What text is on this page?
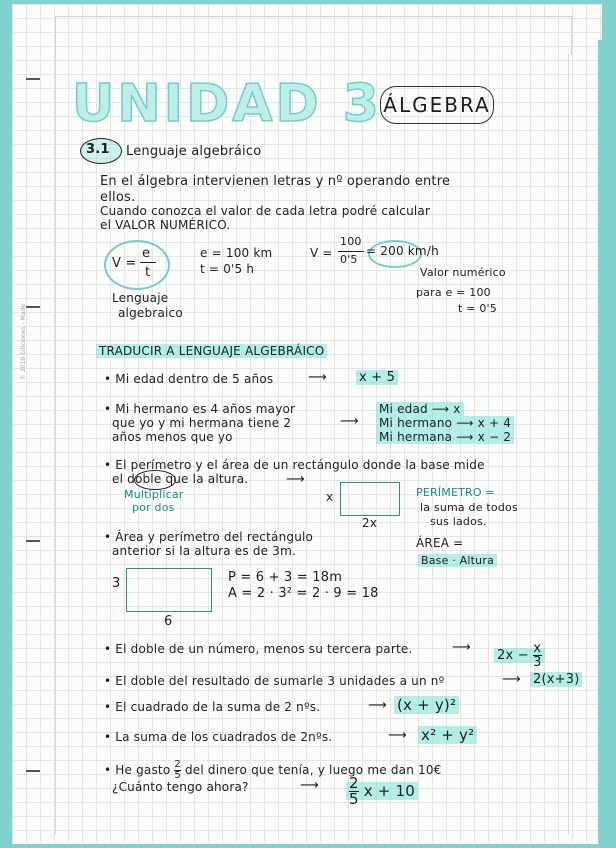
© 2019 Ediciones - Made
UNIDAD 3 ÁLGEBRA
3.1 Lenguaje algebráico
En el álgebra intervienen letras y nº operando entre
ellos.
Cuando conozca el valor de cada letra podré calcular
el VALOR NUMÉRICO.
V =
e
t
e = 100 km
t = 0'5 h
V =
100
0'5
= 200 km/h
Lenguaje
algebraico
Valor numérico
para e = 100
t = 0'5
TRADUCIR A LENGUAJE ALGEBRÁICO
• Mi edad dentro de 5 años	⟶ x + 5
• Mi hermano es 4 años mayor
que yo y mi hermana tiene 2
años menos que yo
⟶
Mi edad ⟶ x
Mi hermano ⟶ x + 4
Mi hermana ⟶ x − 2
• El perímetro y el área de un rectángulo donde la base mide
el doble que la altura.	⟶
Multiplicar
por dos
x
2x
PERÍMETRO =
la suma de todos
sus lados.
ÁREA =
Base · Altura
• Área y perímetro del rectángulo
anterior si la altura es de 3m.
3
6
P = 6 + 3 = 18m
A = 2 · 3² = 2 · 9 = 18
• El doble de un número, menos su tercera parte.	⟶
$2x - \frac{x}{3}$
• El doble del resultado de sumarle 3 unidades a un nº	⟶ 2(x+3)
• El cuadrado de la suma de 2 nºs.	⟶ (x + y)²
• La suma de los cuadrados de 2nºs.	⟶ x² + y²
• He gasto $\frac{2}{5}$ del dinero que tenía, y luego me dan 10€
¿Cuánto tengo ahora?	⟶ $\frac{2}{5}$ x + 10
